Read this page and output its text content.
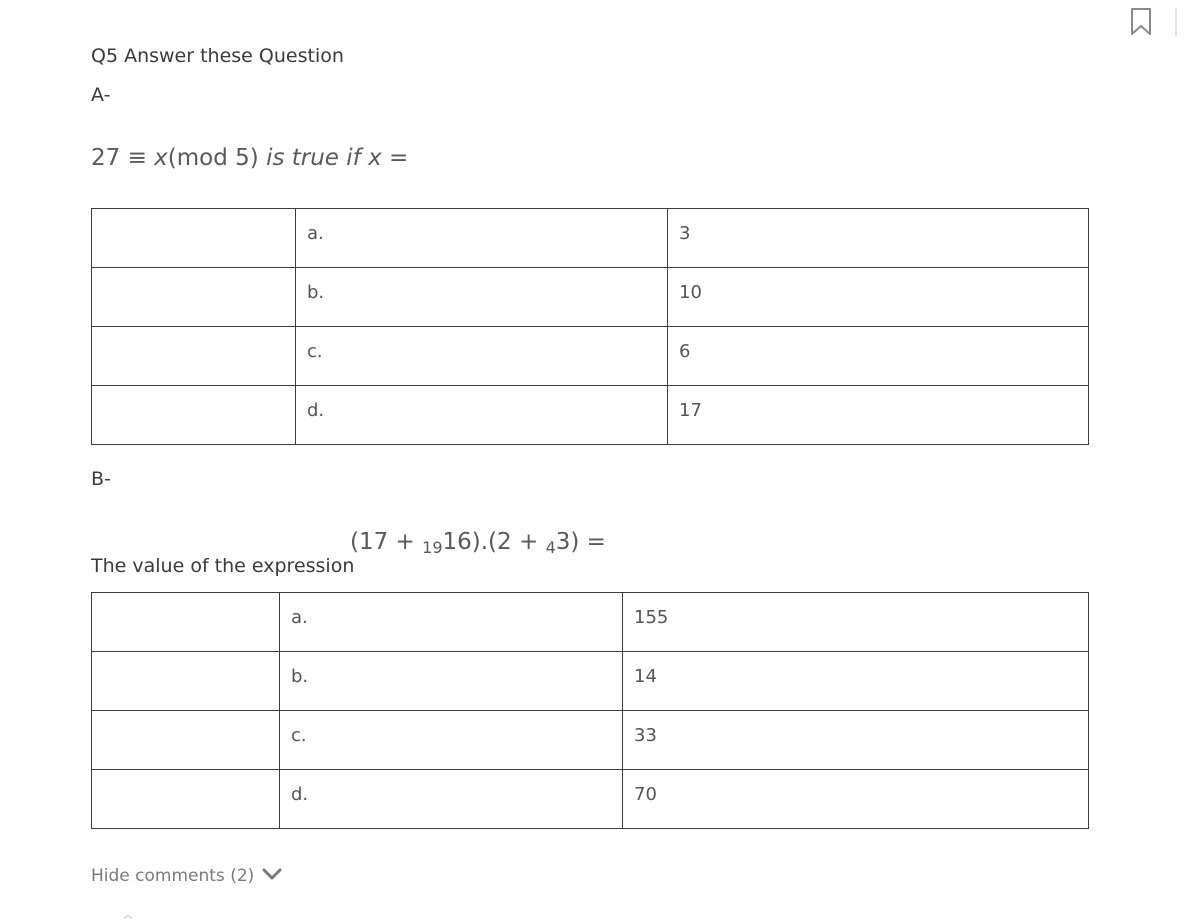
Q5 Answer these Question
A-
27 ≡ x(mod 5) is true if x =
	a.	3
	b.	10
	c.	6
	d.	17
B-
(17 + $_{19}$16).(2 + $_4$3) =
The value of the expression
	a.	155
	b.	14
	c.	33
	d.	70
Hide comments (2)
